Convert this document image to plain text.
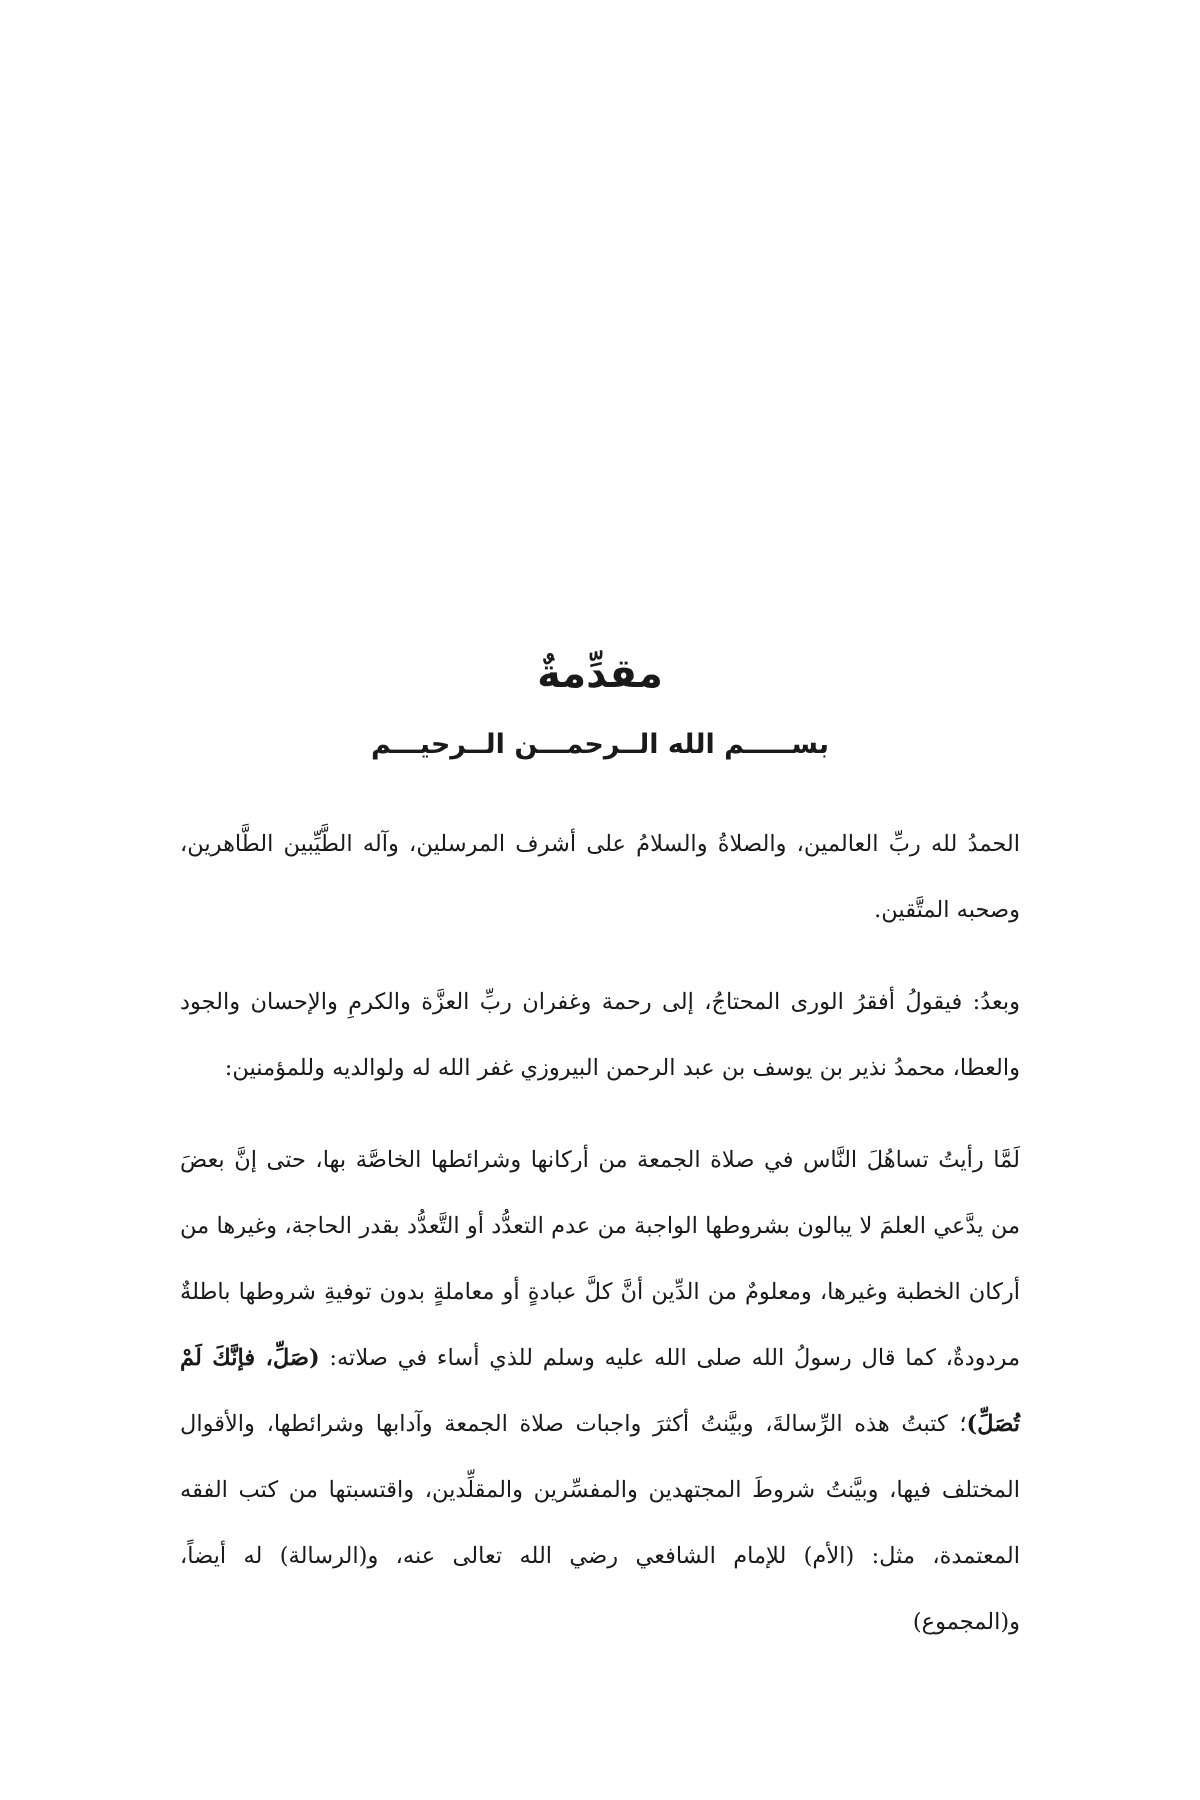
مقدِّمةٌ
بســـــم الله الــرحمـــن الــرحيـــم

الحمدُ لله ربِّ العالمين، والصلاةُ والسلامُ على أشرف المرسلين، وآله الطَّيِّبين الطَّاهرين، وصحبه المتَّقين.

وبعدُ: فيقولُ أفقرُ الورى المحتاجُ، إلى رحمة وغفران ربِّ العزَّة والكرمِ والإحسان والجود والعطا، محمدُ نذير بن يوسف بن عبد الرحمن البيروزي غفر الله له ولوالديه وللمؤمنين:

لَمَّا رأيتُ تساهُلَ النَّاس في صلاة الجمعة من أركانها وشرائطها الخاصَّة بها، حتى إنَّ بعضَ من يدَّعي العلمَ لا يبالون بشروطها الواجبة من عدم التعدُّد أو التَّعدُّد بقدر الحاجة، وغيرها من أركان الخطبة وغيرها، ومعلومٌ من الدِّين أنَّ كلَّ عبادةٍ أو معاملةٍ بدون توفيةِ شروطها باطلةٌ مردودةٌ، كما قال رسولُ الله صلى الله عليه وسلم للذي أساء في صلاته: (صَلِّ، فإنَّكَ لَمْ تُصَلِّ)؛ كتبتُ هذه الرِّسالةَ، وبيَّنتُ أكثرَ واجبات صلاة الجمعة وآدابها وشرائطها، والأقوال المختلف فيها، وبيَّنتُ شروطَ المجتهدين والمفسِّرين والمقلِّدين، واقتسبتها من كتب الفقه المعتمدة، مثل: (الأم) للإمام الشافعي رضي الله تعالى عنه، و(الرسالة) له أيضاً، و(المجموع)
